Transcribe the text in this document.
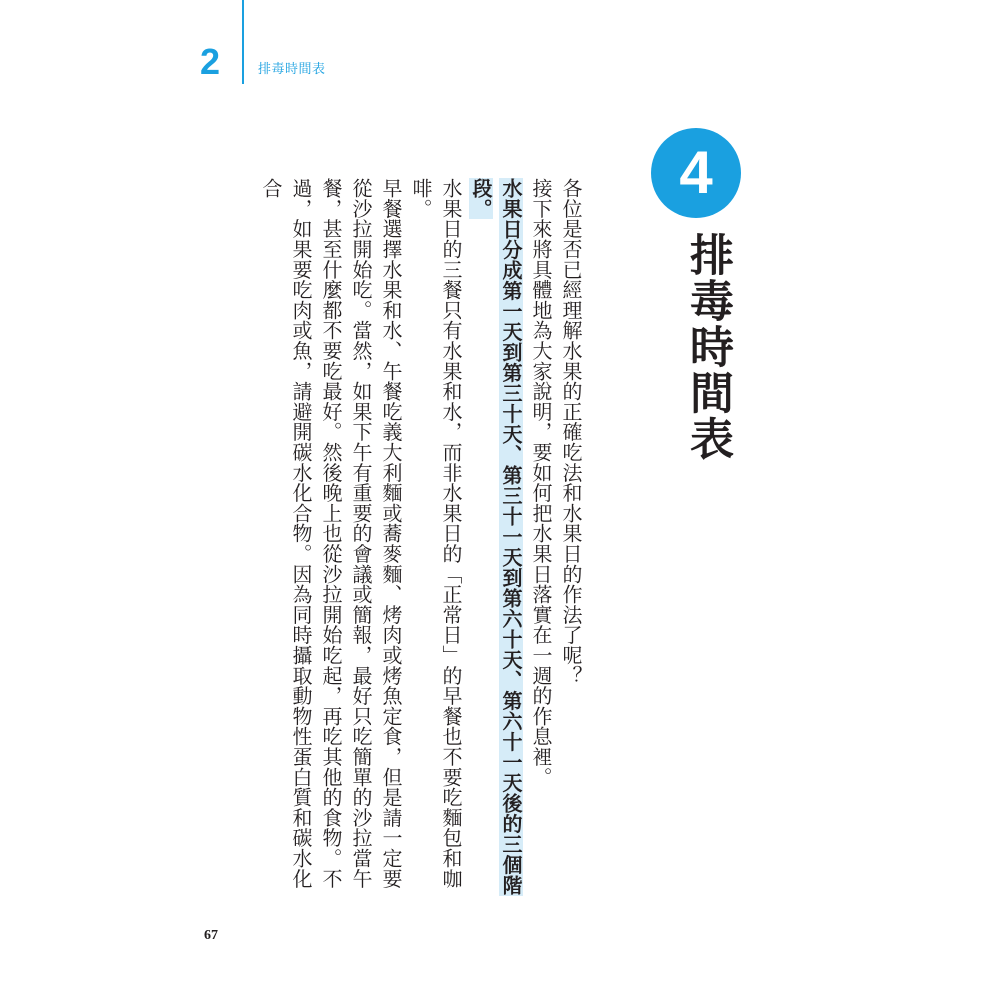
2	排毒時間表
4
排毒時間表

各位是否已經理解水果的正確吃法和水果日的作法了呢？

接下來將具體地為大家說明，要如何把水果日落實在一週的作息裡。

水果日分成第一天到第三十天、第三十一天到第六十天、第六十一天後的三個階段。

水果日的三餐只有水果和水，而非水果日的「正常日」的早餐也不要吃麵包和咖啡。

早餐選擇水果和水、午餐吃義大利麵或蕎麥麵、烤肉或烤魚定食，但是請一定要從沙拉開始吃。當然，如果下午有重要的會議或簡報，最好只吃簡單的沙拉當午餐，甚至什麼都不要吃最好。然後晚上也從沙拉開始吃起，再吃其他的食物。不過，如果要吃肉或魚，請避開碳水化合物。因為同時攝取動物性蛋白質和碳水化合

67
